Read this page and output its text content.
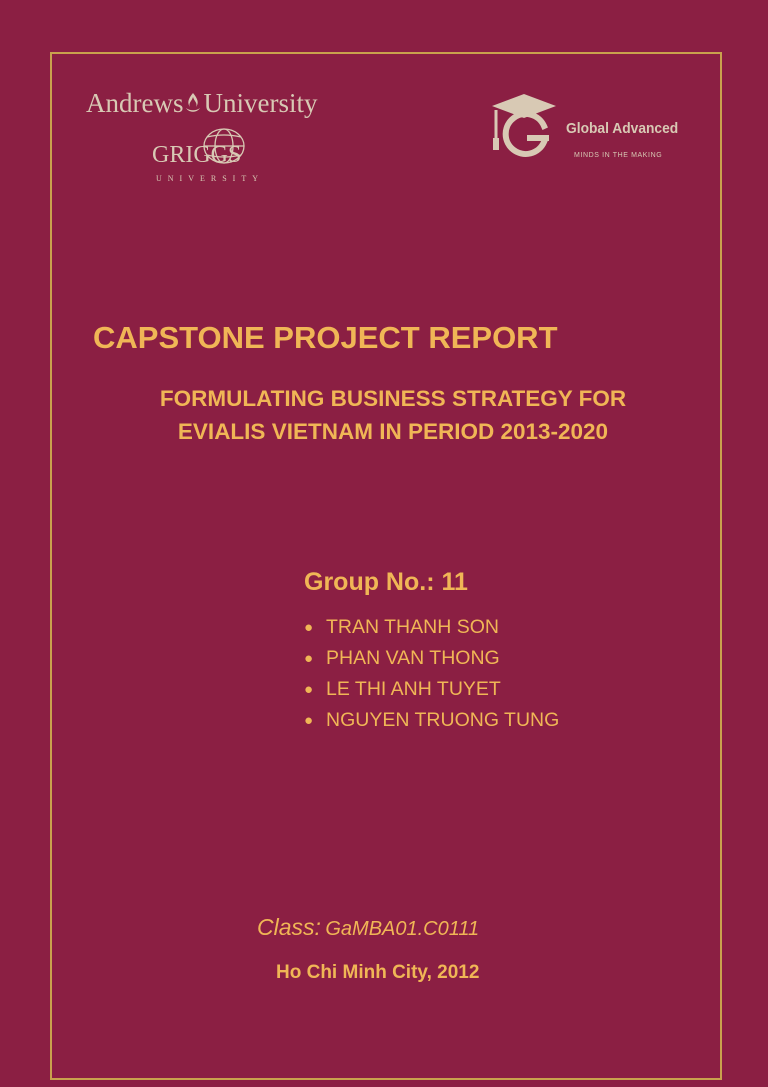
Andrews University
GRIGGS
UNIVERSITY
Global Advanced
MINDS IN THE MAKING
CAPSTONE PROJECT REPORT
FORMULATING BUSINESS STRATEGY FOR
EVIALIS VIETNAM IN PERIOD 2013-2020
Group No.: 11
● TRAN THANH SON
● PHAN VAN THONG
● LE THI ANH TUYET
● NGUYEN TRUONG TUNG
Class: GaMBA01.C0111
Ho Chi Minh City, 2012
